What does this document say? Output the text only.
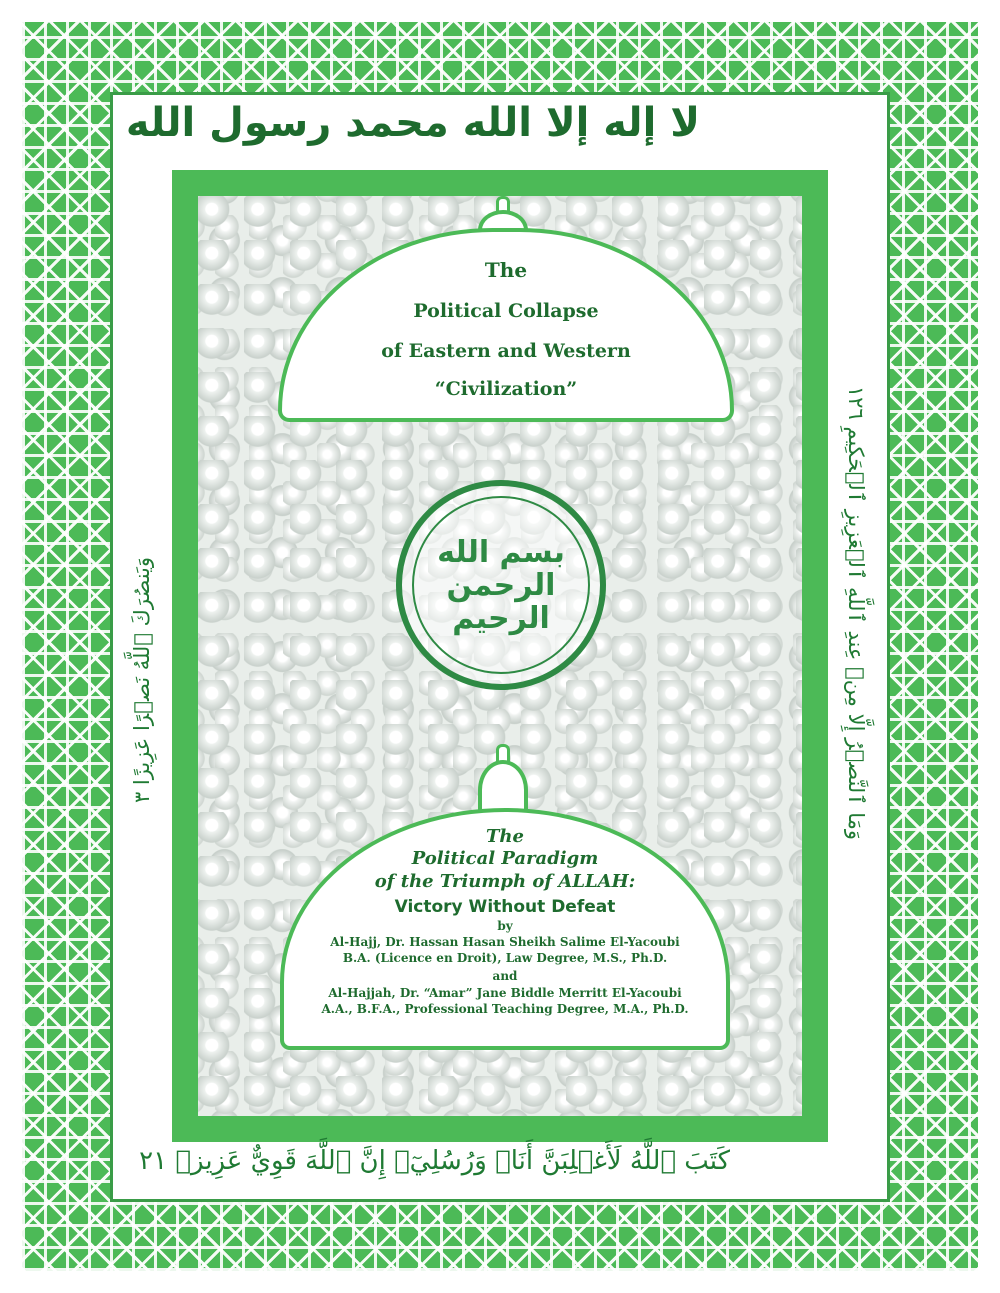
لا إله إلا الله محمد رسول الله
The
Political Collapse
of Eastern and Western
“Civilization”
بسم الله الرحمن الرحيم
The
Political Paradigm
of the Triumph of ALLAH:
Victory Without Defeat
by
Al-Hajj, Dr. Hassan Hasan Sheikh Salime El-Yacoubi
B.A. (Licence en Droit), Law Degree, M.S., Ph.D.
and
Al-Hajjah, Dr. “Amar” Jane Biddle Merritt El-Yacoubi
A.A., B.F.A., Professional Teaching Degree, M.A., Ph.D.
كَتَبَ ٱللَّهُ لَأَغۡلِبَنَّ أَنَا۠ وَرُسُلِيٓۚ إِنَّ ٱللَّهَ قَوِيٌّ عَزِيزٞ ٢١
وَيَنصُرَكَ ٱللَّهُ نَصۡرًا عَزِيزًا ٣
وَمَا ٱلنَّصۡرُ إِلَّا مِنۡ عِندِ ٱللَّهِ ٱلۡعَزِيزِ ٱلۡحَكِيمِ ١٢٦
